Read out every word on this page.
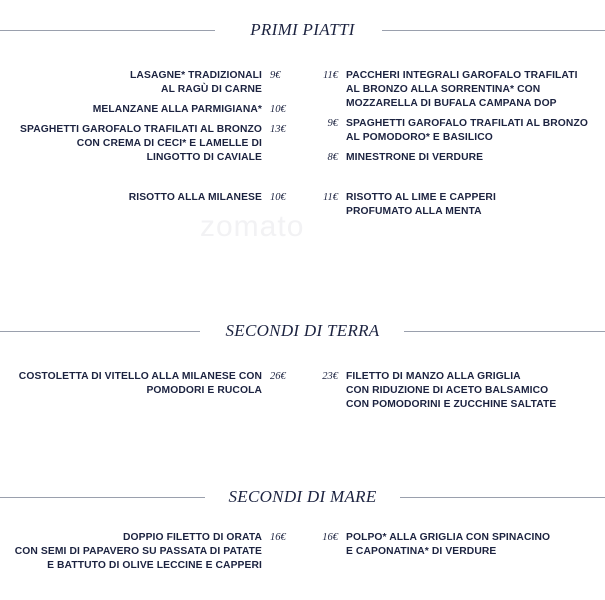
zomato
PRIMI PIATTI
LASAGNE* TRADIZIONALI
AL RAGÙ DI CARNE
9€
MELANZANE ALLA PARMIGIANA* 10€
SPAGHETTI GAROFALO TRAFILATI AL BRONZO
CON CREMA DI CECI* E LAMELLE DI
LINGOTTO DI CAVIALE
13€
RISOTTO ALLA MILANESE 10€
11€ PACCHERI INTEGRALI GAROFALO TRAFILATI
AL BRONZO ALLA SORRENTINA* CON
MOZZARELLA DI BUFALA CAMPANA DOP
9€ SPAGHETTI GAROFALO TRAFILATI AL BRONZO
AL POMODORO* E BASILICO
8€ MINESTRONE DI VERDURE
11€ RISOTTO AL LIME E CAPPERI
PROFUMATO ALLA MENTA
SECONDI DI TERRA
COSTOLETTA DI VITELLO ALLA MILANESE CON
POMODORI E RUCOLA
26€	23€ FILETTO DI MANZO ALLA GRIGLIA
CON RIDUZIONE DI ACETO BALSAMICO
CON POMODORINI E ZUCCHINE SALTATE
SECONDI DI MARE
DOPPIO FILETTO DI ORATA
CON SEMI DI PAPAVERO SU PASSATA DI PATATE
E BATTUTO DI OLIVE LECCINE E CAPPERI
16€	16€ POLPO* ALLA GRIGLIA CON SPINACINO
E CAPONATINA* DI VERDURE
